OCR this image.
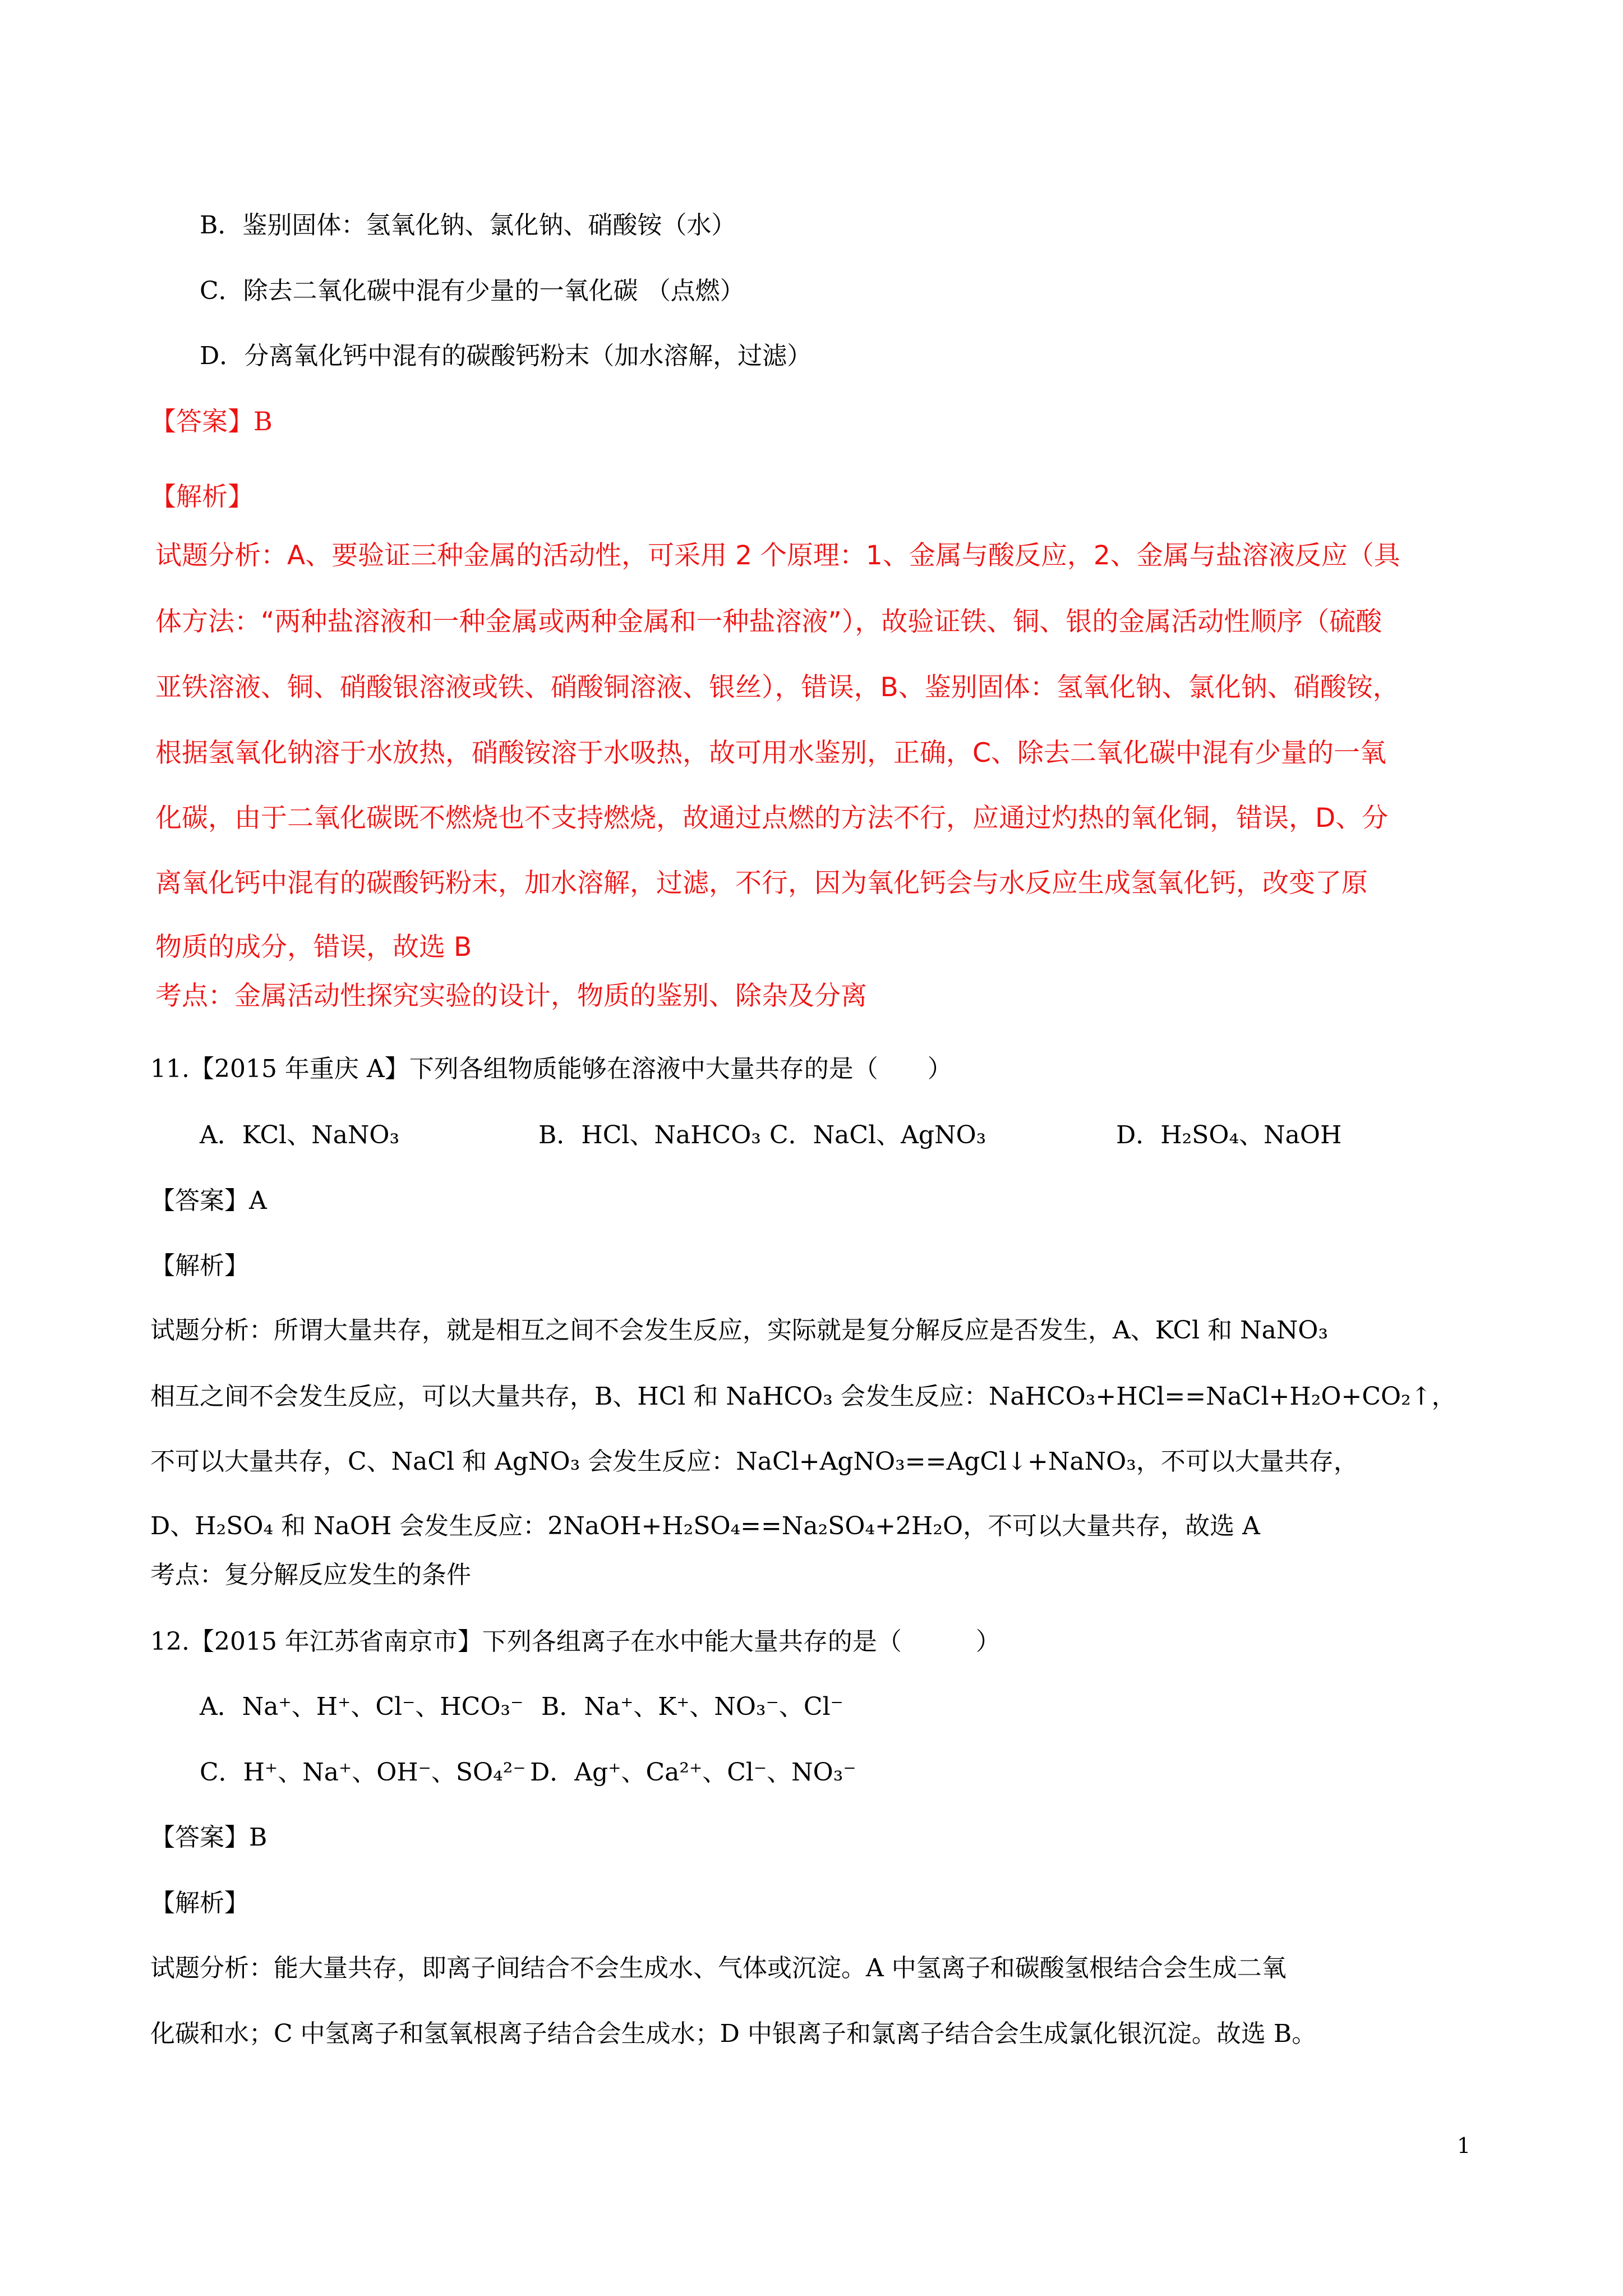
B．鉴别固体：氢氧化钠、氯化钠、硝酸铵（水）
C．除去二氧化碳中混有少量的一氧化碳 （点燃）
D．分离氧化钙中混有的碳酸钙粉末（加水溶解，过滤）
【答案】B
【解析】
试题分析：A、要验证三种金属的活动性，可采用 2 个原理：1、金属与酸反应，2、金属与盐溶液反应（具
体方法：“两种盐溶液和一种金属或两种金属和一种盐溶液”），故验证铁、铜、银的金属活动性顺序（硫酸
亚铁溶液、铜、硝酸银溶液或铁、硝酸铜溶液、银丝），错误，B、鉴别固体：氢氧化钠、氯化钠、硝酸铵，
根据氢氧化钠溶于水放热，硝酸铵溶于水吸热，故可用水鉴别，正确，C、除去二氧化碳中混有少量的一氧
化碳，由于二氧化碳既不燃烧也不支持燃烧，故通过点燃的方法不行，应通过灼热的氧化铜，错误，D、分
离氧化钙中混有的碳酸钙粉末，加水溶解，过滤，不行，因为氧化钙会与水反应生成氢氧化钙，改变了原
物质的成分，错误，故选 B
考点：金属活动性探究实验的设计，物质的鉴别、除杂及分离
11.【2015 年重庆 A】下列各组物质能够在溶液中大量共存的是（　　）
A．KCl、NaNO₃	B．HCl、NaHCO₃ C．NaCl、AgNO₃	D．H₂SO₄、NaOH
【答案】A
【解析】
试题分析：所谓大量共存，就是相互之间不会发生反应，实际就是复分解反应是否发生，A、KCl 和 NaNO₃
相互之间不会发生反应，可以大量共存，B、HCl 和 NaHCO₃ 会发生反应：NaHCO₃+HCl==NaCl+H₂O+CO₂↑，
不可以大量共存，C、NaCl 和 AgNO₃ 会发生反应：NaCl+AgNO₃==AgCl↓+NaNO₃，不可以大量共存，
D、H₂SO₄ 和 NaOH 会发生反应：2NaOH+H₂SO₄==Na₂SO₄+2H₂O，不可以大量共存，故选 A
考点：复分解反应发生的条件
12.【2015 年江苏省南京市】下列各组离子在水中能大量共存的是（　　　）
A．Na⁺、H⁺、Cl⁻、HCO₃⁻ B．Na⁺、K⁺、NO₃⁻、Cl⁻
C．H⁺、Na⁺、OH⁻、SO₄²⁻ D．Ag⁺、Ca²⁺、Cl⁻、NO₃⁻
【答案】B
【解析】
试题分析：能大量共存，即离子间结合不会生成水、气体或沉淀。A 中氢离子和碳酸氢根结合会生成二氧
化碳和水；C 中氢离子和氢氧根离子结合会生成水；D 中银离子和氯离子结合会生成氯化银沉淀。故选 B。
1
